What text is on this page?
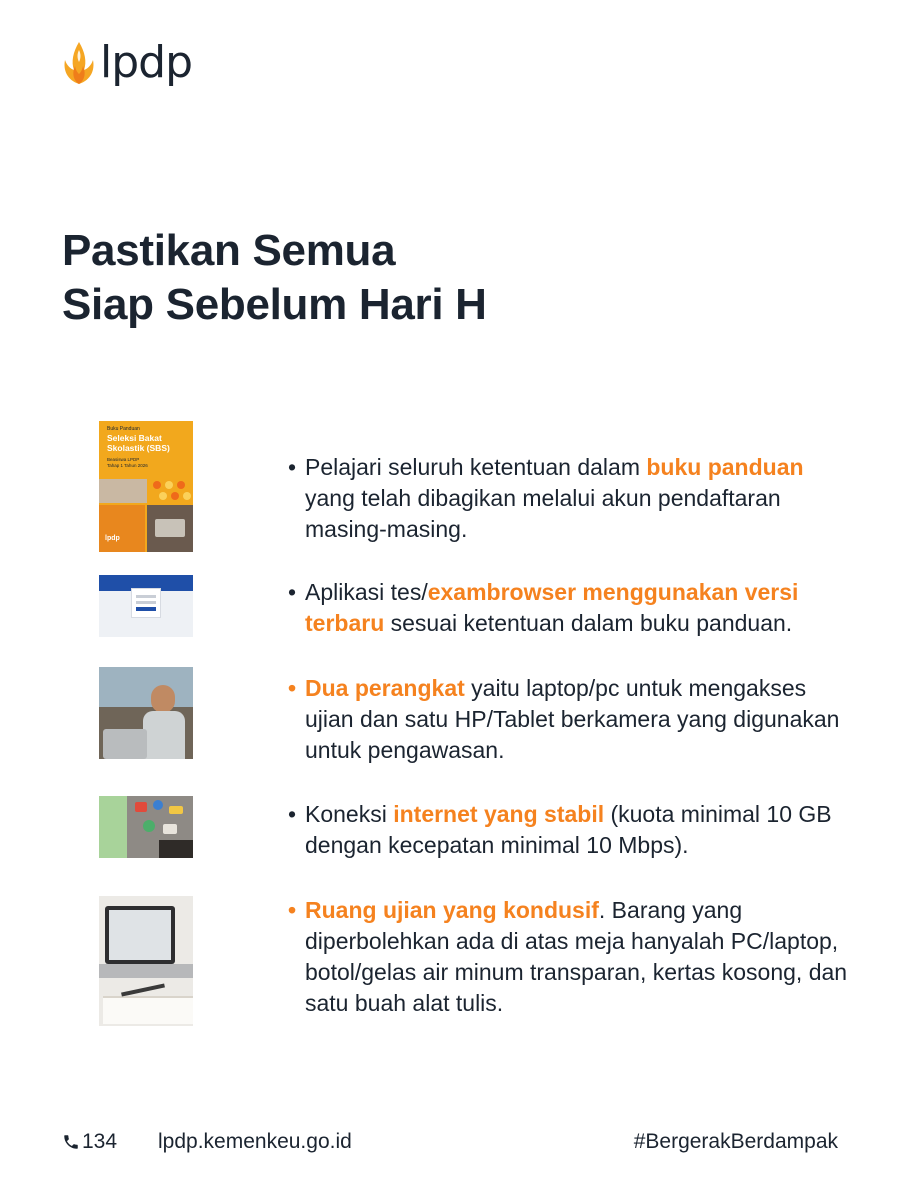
lpdp
Pastikan Semua
Siap Sebelum Hari H
Buku Panduan
Seleksi Bakat
Skolastik (SBS)
Beasiswa LPDP
Tahap 1 Tahun 2026
lpdp
• Pelajari seluruh ketentuan dalam buku panduan yang telah dibagikan melalui akun pendaftaran masing-masing.
• Aplikasi tes/exambrowser menggunakan versi terbaru sesuai ketentuan dalam buku panduan.
• Dua perangkat yaitu laptop/pc untuk mengakses ujian dan satu HP/Tablet berkamera yang digunakan untuk pengawasan.
• Koneksi internet yang stabil (kuota minimal 10 GB dengan kecepatan minimal 10 Mbps).
• Ruang ujian yang kondusif. Barang yang diperbolehkan ada di atas meja hanyalah PC/laptop, botol/gelas air minum transparan, kertas kosong, dan satu buah alat tulis.
134 lpdp.kemenkeu.go.id	#BergerakBerdampak
